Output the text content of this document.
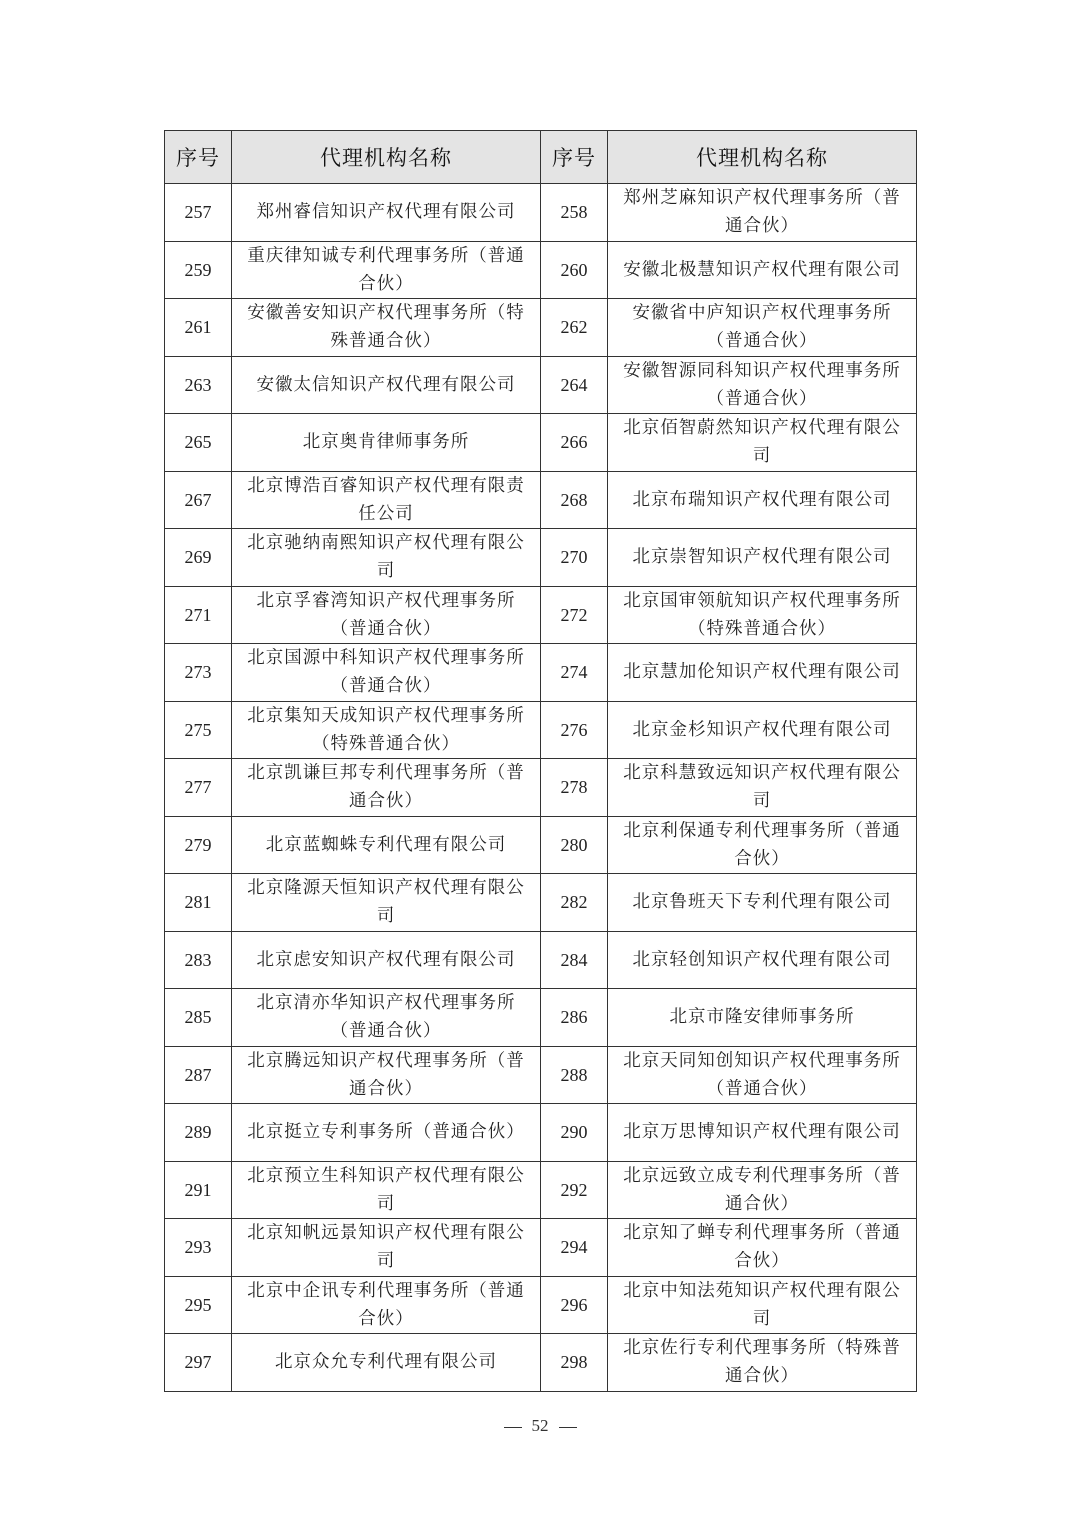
序号	代理机构名称	序号	代理机构名称
257	郑州睿信知识产权代理有限公司	258	郑州芝麻知识产权代理事务所（普通合伙）
259	重庆律知诚专利代理事务所（普通合伙）	260	安徽北极慧知识产权代理有限公司
261	安徽善安知识产权代理事务所（特殊普通合伙）	262	安徽省中庐知识产权代理事务所（普通合伙）
263	安徽太信知识产权代理有限公司	264	安徽智源同科知识产权代理事务所（普通合伙）
265	北京奥肯律师事务所	266	北京佰智蔚然知识产权代理有限公司
267	北京博浩百睿知识产权代理有限责任公司	268	北京布瑞知识产权代理有限公司
269	北京驰纳南熙知识产权代理有限公司	270	北京崇智知识产权代理有限公司
271	北京孚睿湾知识产权代理事务所（普通合伙）	272	北京国审领航知识产权代理事务所（特殊普通合伙）
273	北京国源中科知识产权代理事务所（普通合伙）	274	北京慧加伦知识产权代理有限公司
275	北京集知天成知识产权代理事务所（特殊普通合伙）	276	北京金杉知识产权代理有限公司
277	北京凯谦巨邦专利代理事务所（普通合伙）	278	北京科慧致远知识产权代理有限公司
279	北京蓝蜘蛛专利代理有限公司	280	北京利保通专利代理事务所（普通合伙）
281	北京隆源天恒知识产权代理有限公司	282	北京鲁班天下专利代理有限公司
283	北京虑安知识产权代理有限公司	284	北京轻创知识产权代理有限公司
285	北京清亦华知识产权代理事务所（普通合伙）	286	北京市隆安律师事务所
287	北京腾远知识产权代理事务所（普通合伙）	288	北京天同知创知识产权代理事务所（普通合伙）
289	北京挺立专利事务所（普通合伙）	290	北京万思博知识产权代理有限公司
291	北京预立生科知识产权代理有限公司	292	北京远致立成专利代理事务所（普通合伙）
293	北京知帆远景知识产权代理有限公司	294	北京知了蝉专利代理事务所（普通合伙）
295	北京中企讯专利代理事务所（普通合伙）	296	北京中知法苑知识产权代理有限公司
297	北京众允专利代理有限公司	298	北京佐行专利代理事务所（特殊普通合伙）
52
